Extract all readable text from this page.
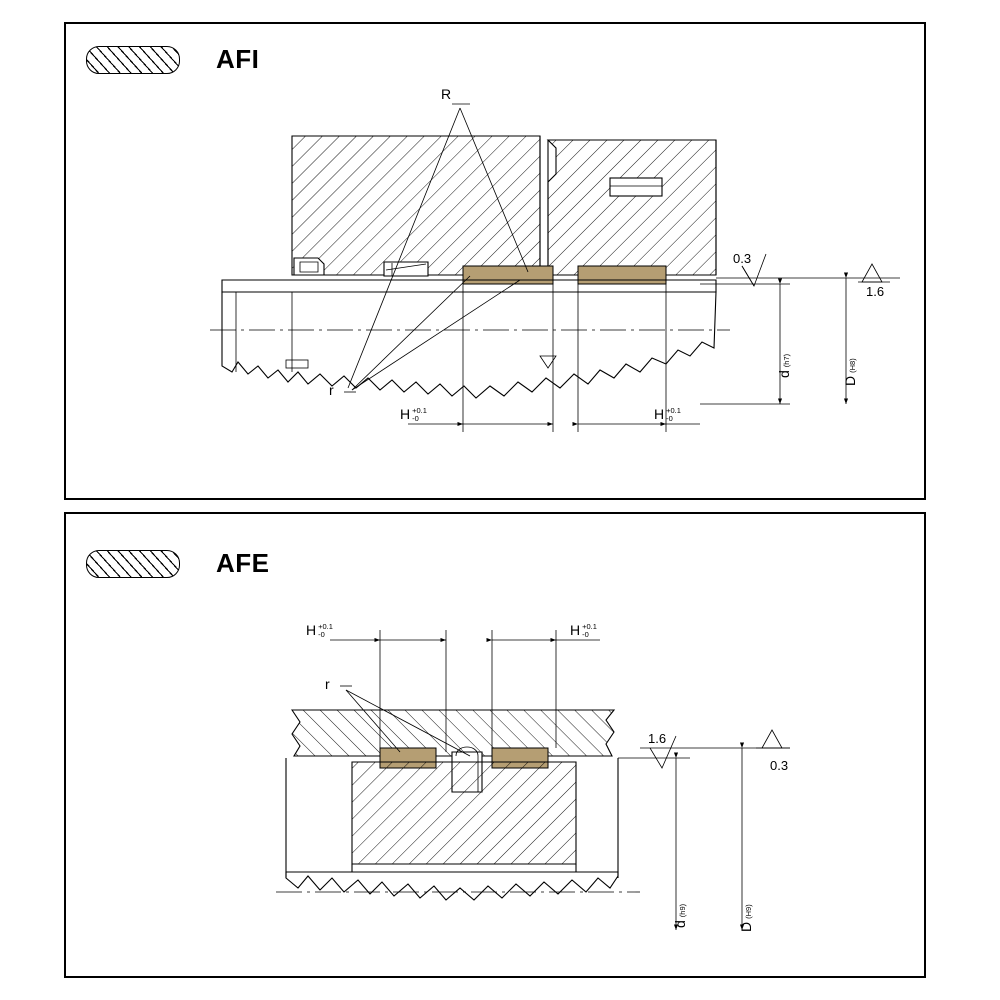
AFI
AFE
R
r
0.3
1.6
H +0.1
-0	H +0.1
-0
d(h7)
D(H8)
r
1.6
0.3
H +0.1
-0	H +0.1
-0
d(h9)
D(H9)
